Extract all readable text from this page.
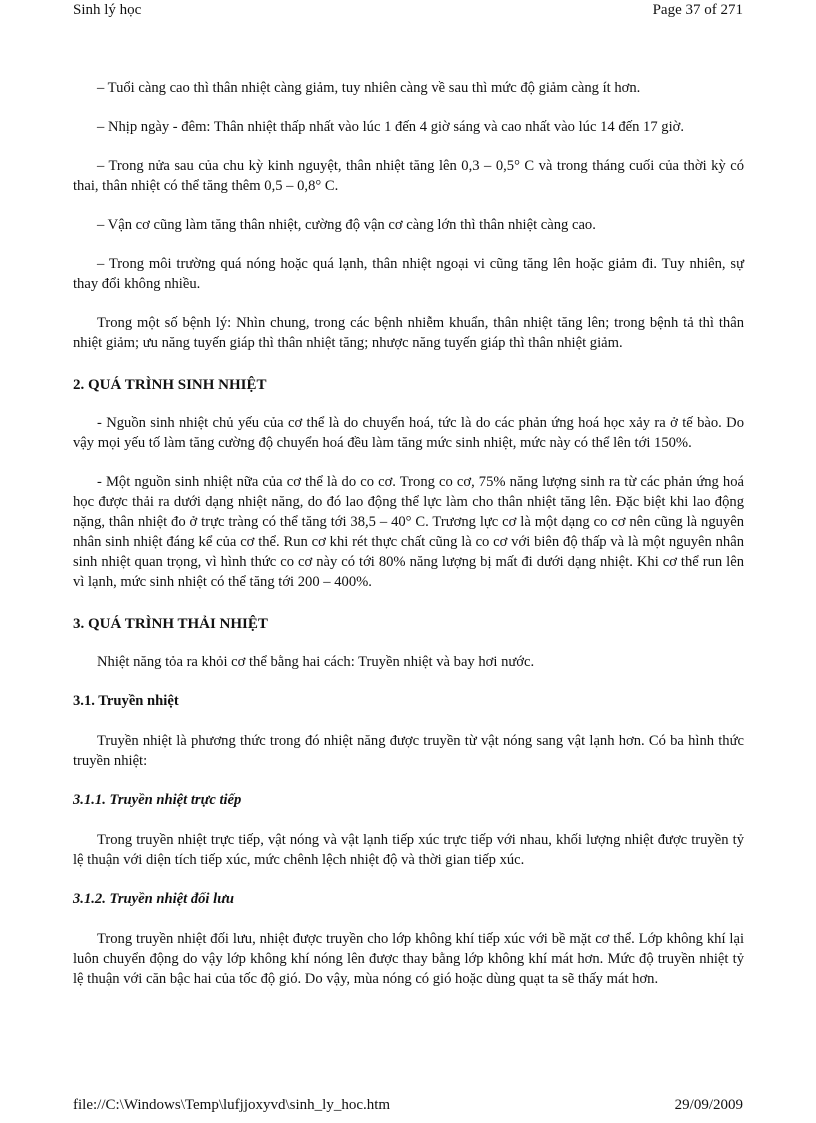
Sinh lý học	Page 37 of 271

– Tuổi càng cao thì thân nhiệt càng giảm, tuy nhiên càng về sau thì mức độ giảm càng ít hơn.

– Nhịp ngày - đêm: Thân nhiệt thấp nhất vào lúc 1 đến 4 giờ sáng và cao nhất vào lúc 14 đến 17 giờ.

– Trong nửa sau của chu kỳ kinh nguyệt, thân nhiệt tăng lên 0,3 – 0,5° C và trong tháng cuối của thời kỳ có thai, thân nhiệt có thể tăng thêm 0,5 – 0,8° C.

– Vận cơ cũng làm tăng thân nhiệt, cường độ vận cơ càng lớn thì thân nhiệt càng cao.

– Trong môi trường quá nóng hoặc quá lạnh, thân nhiệt ngoại vi cũng tăng lên hoặc giảm đi. Tuy nhiên, sự thay đổi không nhiều.

Trong một số bệnh lý: Nhìn chung, trong các bệnh nhiễm khuẩn, thân nhiệt tăng lên; trong bệnh tả thì thân nhiệt giảm; ưu năng tuyến giáp thì thân nhiệt tăng; nhược năng tuyến giáp thì thân nhiệt giảm.

2. QUÁ TRÌNH SINH NHIỆT

- Nguồn sinh nhiệt chủ yếu của cơ thể là do chuyển hoá, tức là do các phản ứng hoá học xảy ra ở tế bào. Do vậy mọi yếu tố làm tăng cường độ chuyển hoá đều làm tăng mức sinh nhiệt, mức này có thể lên tới 150%.

- Một nguồn sinh nhiệt nữa của cơ thể là do co cơ. Trong co cơ, 75% năng lượng sinh ra từ các phản ứng hoá học được thải ra dưới dạng nhiệt năng, do đó lao động thể lực làm cho thân nhiệt tăng lên. Đặc biệt khi lao động nặng, thân nhiệt đo ở trực tràng có thể tăng tới 38,5 – 40° C. Trương lực cơ là một dạng co cơ nên cũng là nguyên nhân sinh nhiệt đáng kể của cơ thể. Run cơ khi rét thực chất cũng là co cơ với biên độ thấp và là một nguyên nhân sinh nhiệt quan trọng, vì hình thức co cơ này có tới 80% năng lượng bị mất đi dưới dạng nhiệt. Khi cơ thể run lên vì lạnh, mức sinh nhiệt có thể tăng tới 200 – 400%.

3. QUÁ TRÌNH THẢI NHIỆT

Nhiệt năng tỏa ra khỏi cơ thể bằng hai cách: Truyền nhiệt và bay hơi nước.

3.1. Truyền nhiệt

Truyền nhiệt là phương thức trong đó nhiệt năng được truyền từ vật nóng sang vật lạnh hơn. Có ba hình thức truyền nhiệt:

3.1.1. Truyền nhiệt trực tiếp

Trong truyền nhiệt trực tiếp, vật nóng và vật lạnh tiếp xúc trực tiếp với nhau, khối lượng nhiệt được truyền tỷ lệ thuận với diện tích tiếp xúc, mức chênh lệch nhiệt độ và thời gian tiếp xúc.

3.1.2. Truyền nhiệt đối lưu

Trong truyền nhiệt đối lưu, nhiệt được truyền cho lớp không khí tiếp xúc với bề mặt cơ thể. Lớp không khí lại luôn chuyển động do vậy lớp không khí nóng lên được thay bằng lớp không khí mát hơn. Mức độ truyền nhiệt tỷ lệ thuận với căn bậc hai của tốc độ gió. Do vậy, mùa nóng có gió hoặc dùng quạt ta sẽ thấy mát hơn.

file://C:\Windows\Temp\lufjjoxyvd\sinh_ly_hoc.htm	29/09/2009
